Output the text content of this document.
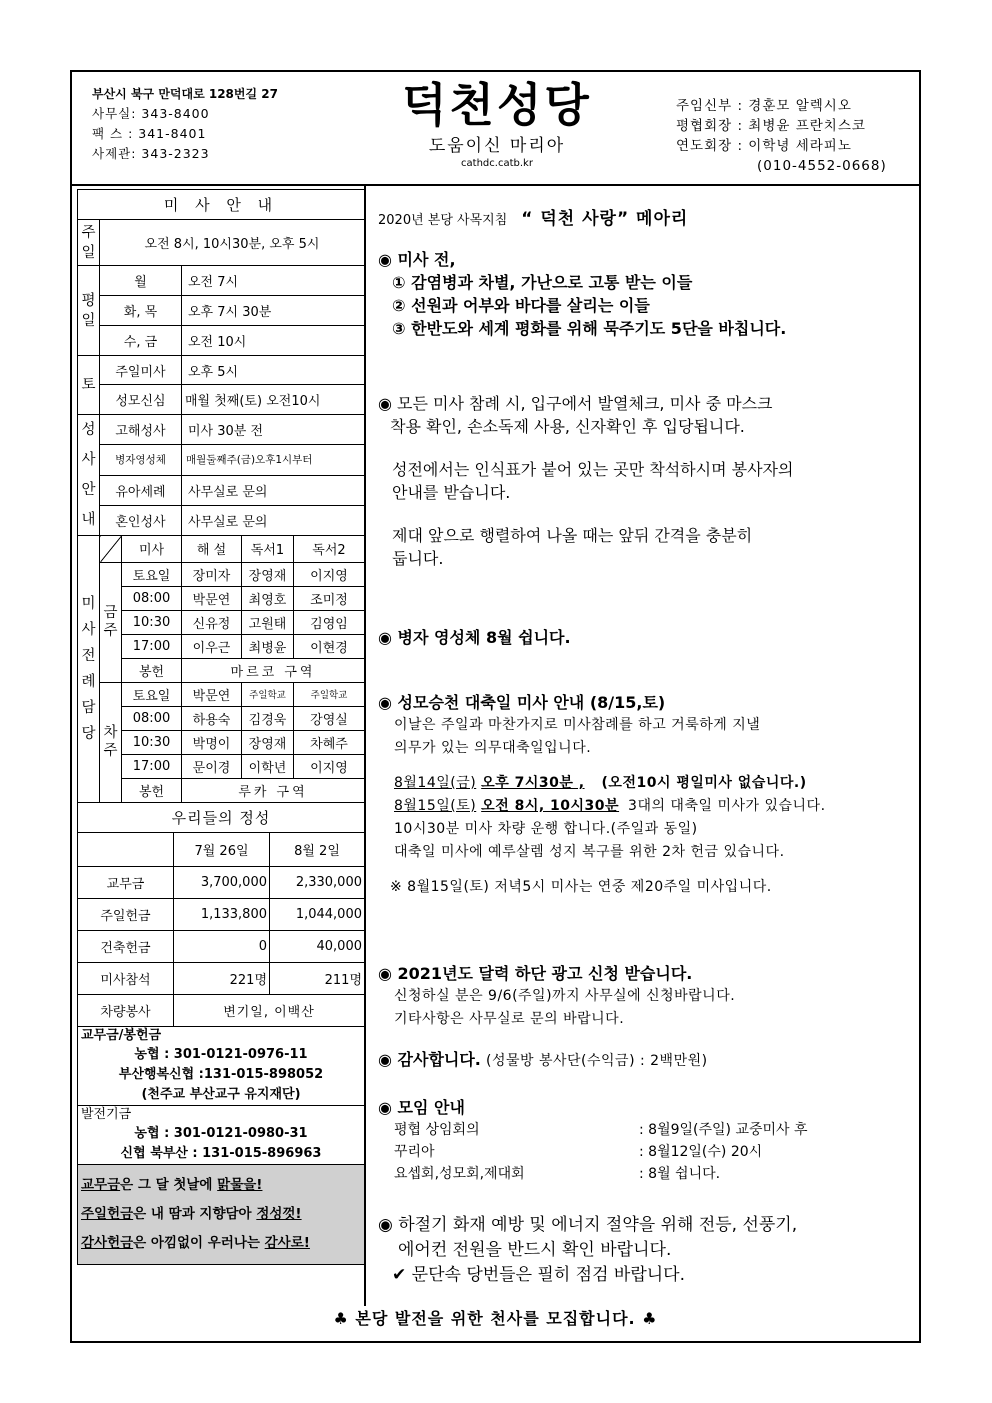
부산시 북구 만덕대로 128번길 27
사무실: 343-8400
팩 스 : 341-8401
사제관: 343-2323
덕천성당
도움이신 마리아
cathdc.catb.kr
주임신부 : 경훈모 알렉시오
평협회장 : 최병윤 프란치스코
연도회장 : 이학녕 세라피노
(010-4552-0668)
미 사 안 내		

주일	오전 8시, 10시30분, 오후 5시	

평일	월	오전 7시
	화, 목	오후 7시 30분
	수, 금	오전 10시
토	주일미사	오후 5시
	성모신심	매월 첫째(토) 오전10시

성사안내	고해성사	미사 30분 전
	병자영성체	매월둘째주(금)오후1시부터
	유아세례	사무실로 문의
	혼인성사	사무실로 문의
미사전례담당		미사	해 설	독서1	독서2

	금주	토요일	장미자	장영재	이지영
		08:00	박문연	최영호	조미정
		10:30	신유정	고원태	김영임
		17:00	이우근	최병윤	이현경
		봉헌	마르코 구역		

	차주	토요일	박문연	주일학교	주일학교
		08:00	하용숙	김경욱	강영실
		10:30	박명이	장영재	차혜주
		17:00	문이경	이학년	이지영
		봉헌	루카 구역		
우리들의 정성		
	7월 26일	8월 2일
교무금	3,700,000	2,330,000
주일헌금	1,133,800	1,044,000
건축헌금	0	40,000
미사참석	221명	211명
차량봉사	변기일, 이백산	
교무금/봉헌금
농협 : 301-0121-0976-11
부산행복신협 :131-015-898052
(천주교 부산교구 유지재단)
발전기금
농협 : 301-0121-0980-31
신협 북부산 : 131-015-896963
교무금은 그 달 첫날에 맑물을!
주일헌금은 내 땀과 지향담아 정성껏!
감사헌금은 아낌없이 우러나는 감사로!
2020년 본당 사목지침 “ 덕천 사랑” 메아리
◉ 미사 전,
① 감염병과 차별, 가난으로 고통 받는 이들
② 선원과 어부와 바다를 살리는 이들
③ 한반도와 세계 평화를 위해 묵주기도 5단을 바칩니다.
◉ 모든 미사 참례 시, 입구에서 발열체크, 미사 중 마스크
착용 확인, 손소독제 사용, 신자확인 후 입당됩니다.
성전에서는 인식표가 붙어 있는 곳만 착석하시며 봉사자의
안내를 받습니다.
제대 앞으로 행렬하여 나올 때는 앞뒤 간격을 충분히
둡니다.
◉ 병자 영성체 8월 쉽니다.
◉ 성모승천 대축일 미사 안내 (8/15,토)
이날은 주일과 마찬가지로 미사참례를 하고 거룩하게 지낼
의무가 있는 의무대축일입니다.
8월14일(금) 오후 7시30분 , (오전10시 평일미사 없습니다.)
8월15일(토) 오전 8시, 10시30분 3대의 대축일 미사가 있습니다.
10시30분 미사 차량 운행 합니다.(주일과 동일)
대축일 미사에 예루살렘 성지 복구를 위한 2차 헌금 있습니다.
※ 8월15일(토) 저녁5시 미사는 연중 제20주일 미사입니다.
◉ 2021년도 달력 하단 광고 신청 받습니다.
신청하실 분은 9/6(주일)까지 사무실에 신청바랍니다.
기타사항은 사무실로 문의 바랍니다.
◉ 감사합니다. (성물방 봉사단(수익금) : 2백만원)
◉ 모임 안내
평협 상임회의	: 8월9일(주일) 교중미사 후
꾸리아	: 8월12일(수) 20시
요셉회,성모회,제대회	: 8월 쉽니다.
◉ 하절기 화재 예방 및 에너지 절약을 위해 전등, 선풍기,
에어컨 전원을 반드시 확인 바랍니다.
✔ 문단속 당번들은 필히 점검 바랍니다.
♣ 본당 발전을 위한 천사를 모집합니다. ♣
